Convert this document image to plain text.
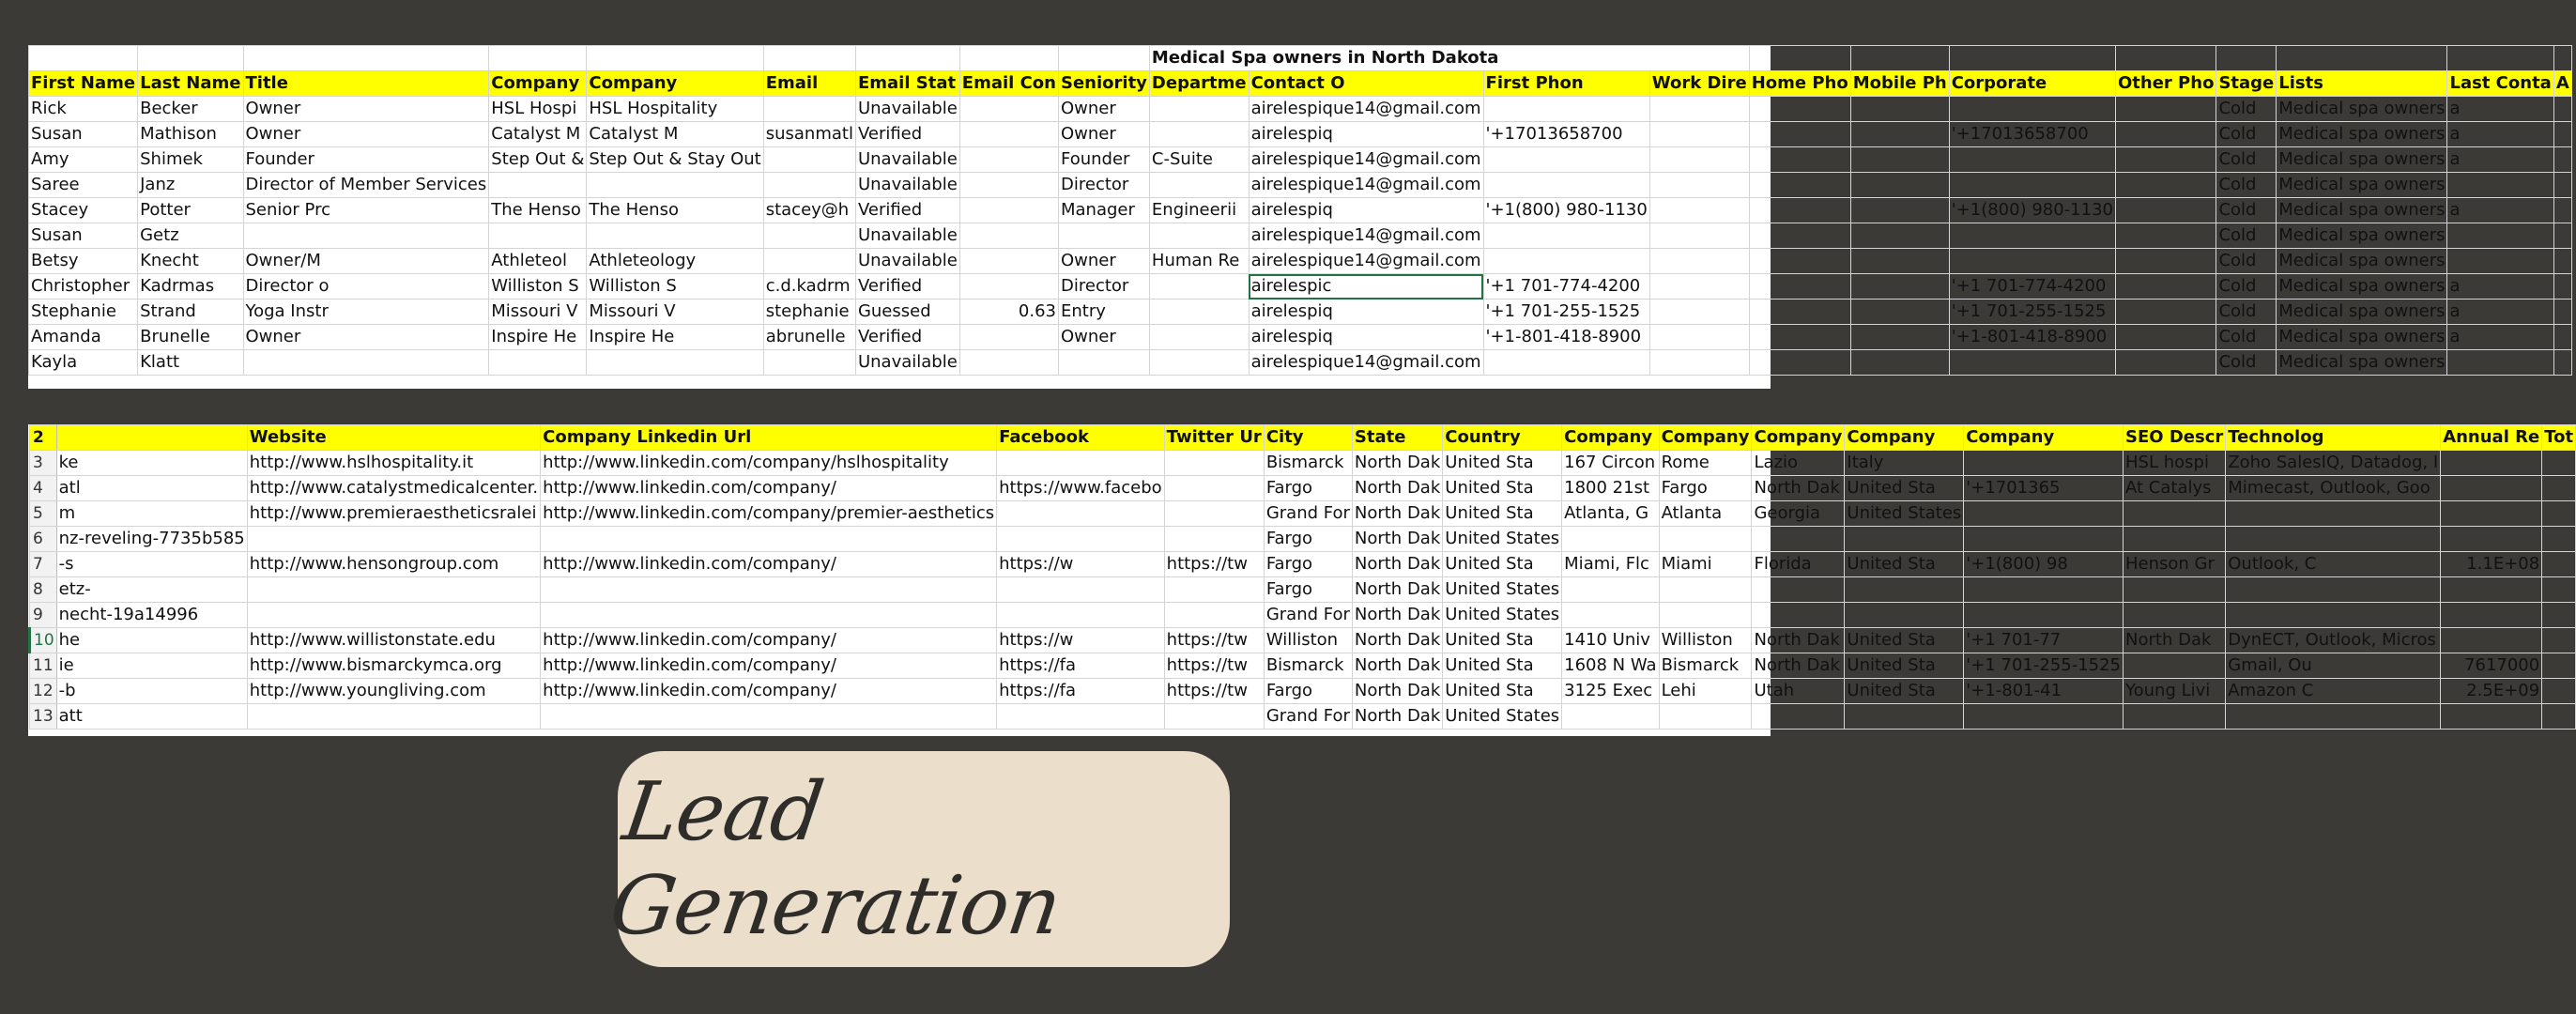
									Medical Spa owners in North Dakota											
First Name	Last Name	Title	Company	Company	Email	Email Stat	Email Con	Seniority	Departme	Contact O	First Phon	Work Dire	Home Pho	Mobile Ph	Corporate	Other Pho	Stage	Lists	Last Conta	A
Rick	Becker	Owner	HSL Hospi	HSL Hospitality		Unavailable		Owner		airelespique14@gmail.com							Cold	Medical spa owners	a	
Susan	Mathison	Owner	Catalyst M	Catalyst M	susanmatl	Verified		Owner		airelespiq	'+17013658700				'+17013658700		Cold	Medical spa owners	a	
Amy	Shimek	Founder	Step Out &	Step Out & Stay Out		Unavailable		Founder	C-Suite	airelespique14@gmail.com							Cold	Medical spa owners	a	
Saree	Janz	Director of Member Services				Unavailable		Director		airelespique14@gmail.com							Cold	Medical spa owners		
Stacey	Potter	Senior Prc	The Henso	The Henso	stacey@h	Verified		Manager	Engineerii	airelespiq	'+1(800) 980-1130				'+1(800) 980-1130		Cold	Medical spa owners	a	
Susan	Getz					Unavailable				airelespique14@gmail.com							Cold	Medical spa owners		
Betsy	Knecht	Owner/M	Athleteol	Athleteology		Unavailable		Owner	Human Re	airelespique14@gmail.com							Cold	Medical spa owners		
Christopher	Kadrmas	Director o	Williston S	Williston S	c.d.kadrm	Verified		Director		airelespic	'+1 701-774-4200				'+1 701-774-4200		Cold	Medical spa owners	a	
Stephanie	Strand	Yoga Instr	Missouri V	Missouri V	stephanie	Guessed	0.63	Entry		airelespiq	'+1 701-255-1525				'+1 701-255-1525		Cold	Medical spa owners	a	
Amanda	Brunelle	Owner	Inspire He	Inspire He	abrunelle	Verified		Owner		airelespiq	'+1-801-418-8900				'+1-801-418-8900		Cold	Medical spa owners	a	
Kayla	Klatt					Unavailable				airelespique14@gmail.com							Cold	Medical spa owners		
2		Website	Company Linkedin Url	Facebook	Twitter Ur	City	State	Country	Company	Company	Company	Company	Company	SEO Descr	Technolog	Annual Re	Tot
3	ke	http://www.hslhospitality.it	http://www.linkedin.com/company/hslhospitality			Bismarck	North Dak	United Sta	167 Circon	Rome	Lazio	Italy		HSL hospi	Zoho SalesIQ, Datadog, I		
4	atl	http://www.catalystmedicalcenter.	http://www.linkedin.com/company/	https://www.facebo		Fargo	North Dak	United Sta	1800 21st	Fargo	North Dak	United Sta	'+1701365	At Catalys	Mimecast, Outlook, Goo		
5	m	http://www.premieraestheticsralei	http://www.linkedin.com/company/premier-aesthetics			Grand For	North Dak	United Sta	Atlanta, G	Atlanta	Georgia	United States					
6	nz-reveling-7735b585					Fargo	North Dak	United States									
7	-s	http://www.hensongroup.com	http://www.linkedin.com/company/	https://w	https://tw	Fargo	North Dak	United Sta	Miami, Flc	Miami	Florida	United Sta	'+1(800) 98	Henson Gr	Outlook, C	1.1E+08	
8	etz-					Fargo	North Dak	United States									
9	necht-19a14996					Grand For	North Dak	United States									
10	he	http://www.willistonstate.edu	http://www.linkedin.com/company/	https://w	https://tw	Williston	North Dak	United Sta	1410 Univ	Williston	North Dak	United Sta	'+1 701-77	North Dak	DynECT, Outlook, Micros		
11	ie	http://www.bismarckymca.org	http://www.linkedin.com/company/	https://fa	https://tw	Bismarck	North Dak	United Sta	1608 N Wa	Bismarck	North Dak	United Sta	'+1 701-255-1525		Gmail, Ou	7617000	
12	-b	http://www.youngliving.com	http://www.linkedin.com/company/	https://fa	https://tw	Fargo	North Dak	United Sta	3125 Exec	Lehi	Utah	United Sta	'+1-801-41	Young Livi	Amazon C	2.5E+09	
13	att					Grand For	North Dak	United States									
Lead Generation
